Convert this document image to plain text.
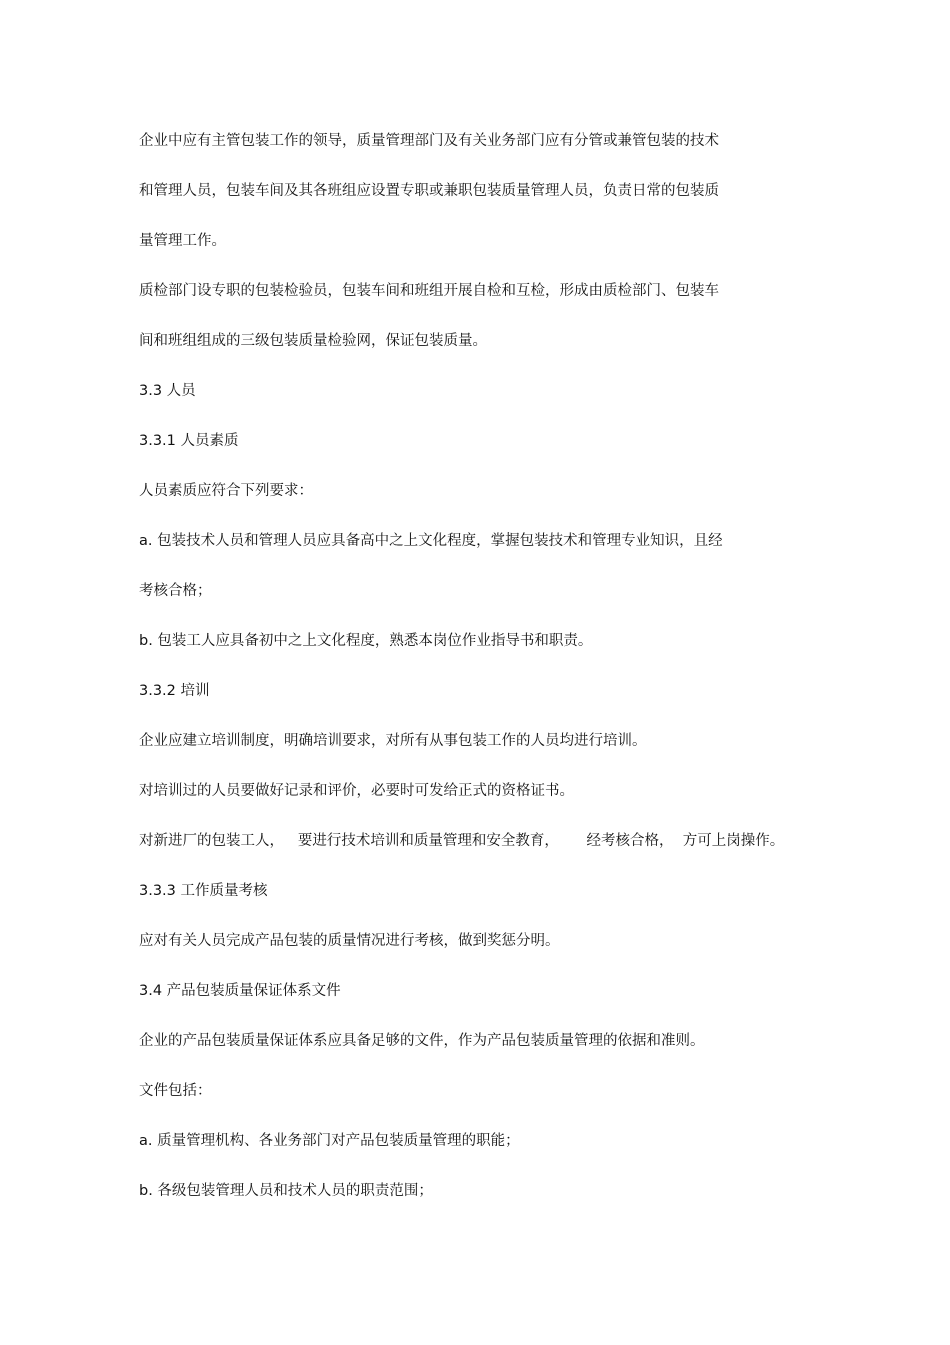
企业中应有主管包装工作的领导，质量管理部门及有关业务部门应有分管或兼管包装的技术

和管理人员，包装车间及其各班组应设置专职或兼职包装质量管理人员，负责日常的包装质

量管理工作。

质检部门设专职的包装检验员，包装车间和班组开展自检和互检，形成由质检部门、包装车

间和班组组成的三级包装质量检验网，保证包装质量。

3.3 人员

3.3.1 人员素质

人员素质应符合下列要求：

a. 包装技术人员和管理人员应具备高中之上文化程度，掌握包装技术和管理专业知识，且经

考核合格；

b. 包装工人应具备初中之上文化程度，熟悉本岗位作业指导书和职责。

3.3.2 培训

企业应建立培训制度，明确培训要求，对所有从事包装工作的人员均进行培训。

对培训过的人员要做好记录和评价，必要时可发给正式的资格证书。

对新进厂的包装工人，   要进行技术培训和质量管理和安全教育，      经考核合格，  方可上岗操作。

3.3.3 工作质量考核

应对有关人员完成产品包装的质量情况进行考核，做到奖惩分明。

3.4 产品包装质量保证体系文件

企业的产品包装质量保证体系应具备足够的文件，作为产品包装质量管理的依据和准则。

文件包括：

a. 质量管理机构、各业务部门对产品包装质量管理的职能；

b. 各级包装管理人员和技术人员的职责范围；
